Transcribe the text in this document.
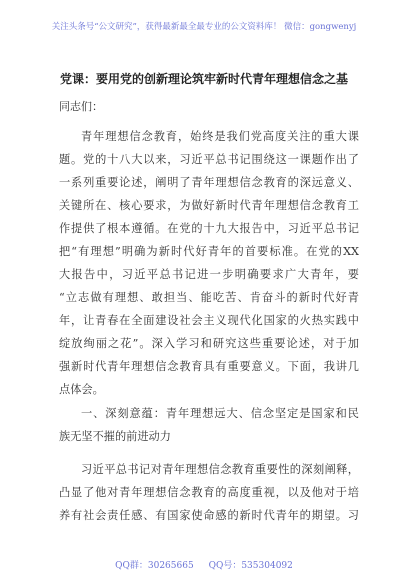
关注头条号“公文研究”，获得最新最全最专业的公文资料库！ 微信：gongwenyj
党课：要用党的创新理论筑牢新时代青年理想信念之基
同志们：
青年理想信念教育，始终是我们党高度关注的重大课
题。党的十八大以来，习近平总书记围绕这一课题作出了
一系列重要论述，阐明了青年理想信念教育的深远意义、
关键所在、核心要求，为做好新时代青年理想信念教育工
作提供了根本遵循。在党的十九大报告中，习近平总书记
把“有理想”明确为新时代好青年的首要标准。在党的XX
大报告中，习近平总书记进一步明确要求广大青年，要
“立志做有理想、敢担当、能吃苦、肯奋斗的新时代好青
年，让青春在全面建设社会主义现代化国家的火热实践中
绽放绚丽之花”。深入学习和研究这些重要论述，对于加
强新时代青年理想信念教育具有重要意义。下面，我讲几
点体会。
一、深刻意蕴：青年理想远大、信念坚定是国家和民
族无坚不摧的前进动力
习近平总书记对青年理想信念教育重要性的深刻阐释，
凸显了他对青年理想信念教育的高度重视，以及他对于培
养有社会责任感、有国家使命感的新时代青年的期望。习
QQ群：30265665 QQ号：535304092
